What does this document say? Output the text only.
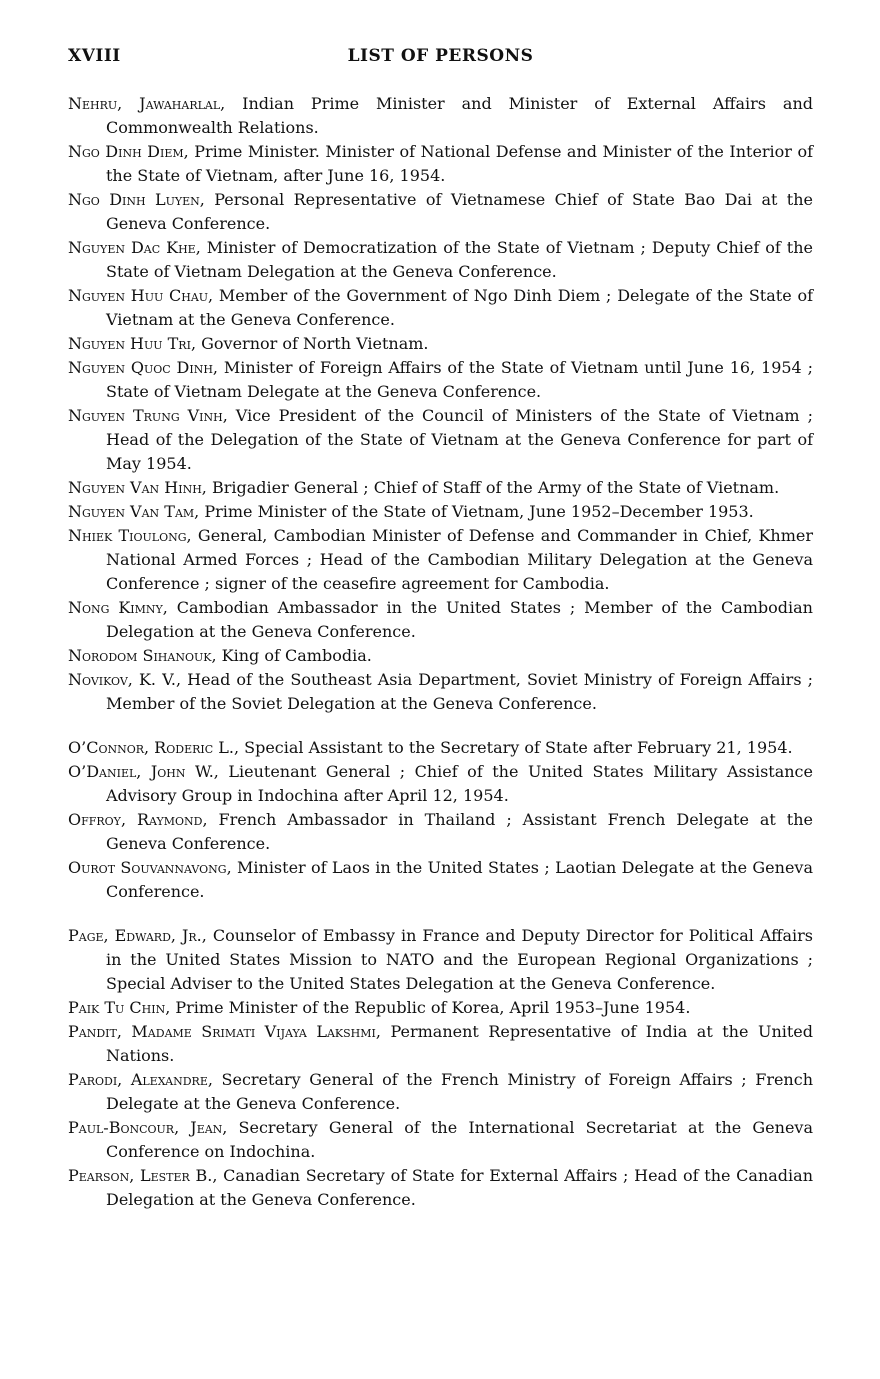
XVIII	LIST OF PERSONS

Nehru, Jawaharlal, Indian Prime Minister and Minister of External Affairs and Commonwealth Relations.

Ngo Dinh Diem, Prime Minister. Minister of National Defense and Minister of the Interior of the State of Vietnam, after June 16, 1954.

Ngo Dinh Luyen, Personal Representative of Vietnamese Chief of State Bao Dai at the Geneva Conference.

Nguyen Dac Khe, Minister of Democratization of the State of Vietnam ; Deputy Chief of the State of Vietnam Delegation at the Geneva Conference.

Nguyen Huu Chau, Member of the Government of Ngo Dinh Diem ; Delegate of the State of Vietnam at the Geneva Conference.

Nguyen Huu Tri, Governor of North Vietnam.

Nguyen Quoc Dinh, Minister of Foreign Affairs of the State of Vietnam until June 16, 1954 ; State of Vietnam Delegate at the Geneva Conference.

Nguyen Trung Vinh, Vice President of the Council of Ministers of the State of Vietnam ; Head of the Delegation of the State of Vietnam at the Geneva Conference for part of May 1954.

Nguyen Van Hinh, Brigadier General ; Chief of Staff of the Army of the State of Vietnam.

Nguyen Van Tam, Prime Minister of the State of Vietnam, June 1952–December 1953.

Nhiek Tioulong, General, Cambodian Minister of Defense and Commander in Chief, Khmer National Armed Forces ; Head of the Cambodian Military Delegation at the Geneva Conference ; signer of the ceasefire agreement for Cambodia.

Nong Kimny, Cambodian Ambassador in the United States ; Member of the Cambodian Delegation at the Geneva Conference.

Norodom Sihanouk, King of Cambodia.

Novikov, K. V., Head of the Southeast Asia Department, Soviet Ministry of Foreign Affairs ; Member of the Soviet Delegation at the Geneva Conference.

O’Connor, Roderic L., Special Assistant to the Secretary of State after February 21, 1954.

O’Daniel, John W., Lieutenant General ; Chief of the United States Military Assistance Advisory Group in Indochina after April 12, 1954.

Offroy, Raymond, French Ambassador in Thailand ; Assistant French Delegate at the Geneva Conference.

Ourot Souvannavong, Minister of Laos in the United States ; Laotian Delegate at the Geneva Conference.

Page, Edward, Jr., Counselor of Embassy in France and Deputy Director for Political Affairs in the United States Mission to NATO and the European Regional Organizations ; Special Adviser to the United States Delegation at the Geneva Conference.

Paik Tu Chin, Prime Minister of the Republic of Korea, April 1953–June 1954.

Pandit, Madame Srimati Vijaya Lakshmi, Permanent Representative of India at the United Nations.

Parodi, Alexandre, Secretary General of the French Ministry of Foreign Affairs ; French Delegate at the Geneva Conference.

Paul-Boncour, Jean, Secretary General of the International Secretariat at the Geneva Conference on Indochina.

Pearson, Lester B., Canadian Secretary of State for External Affairs ; Head of the Canadian Delegation at the Geneva Conference.
